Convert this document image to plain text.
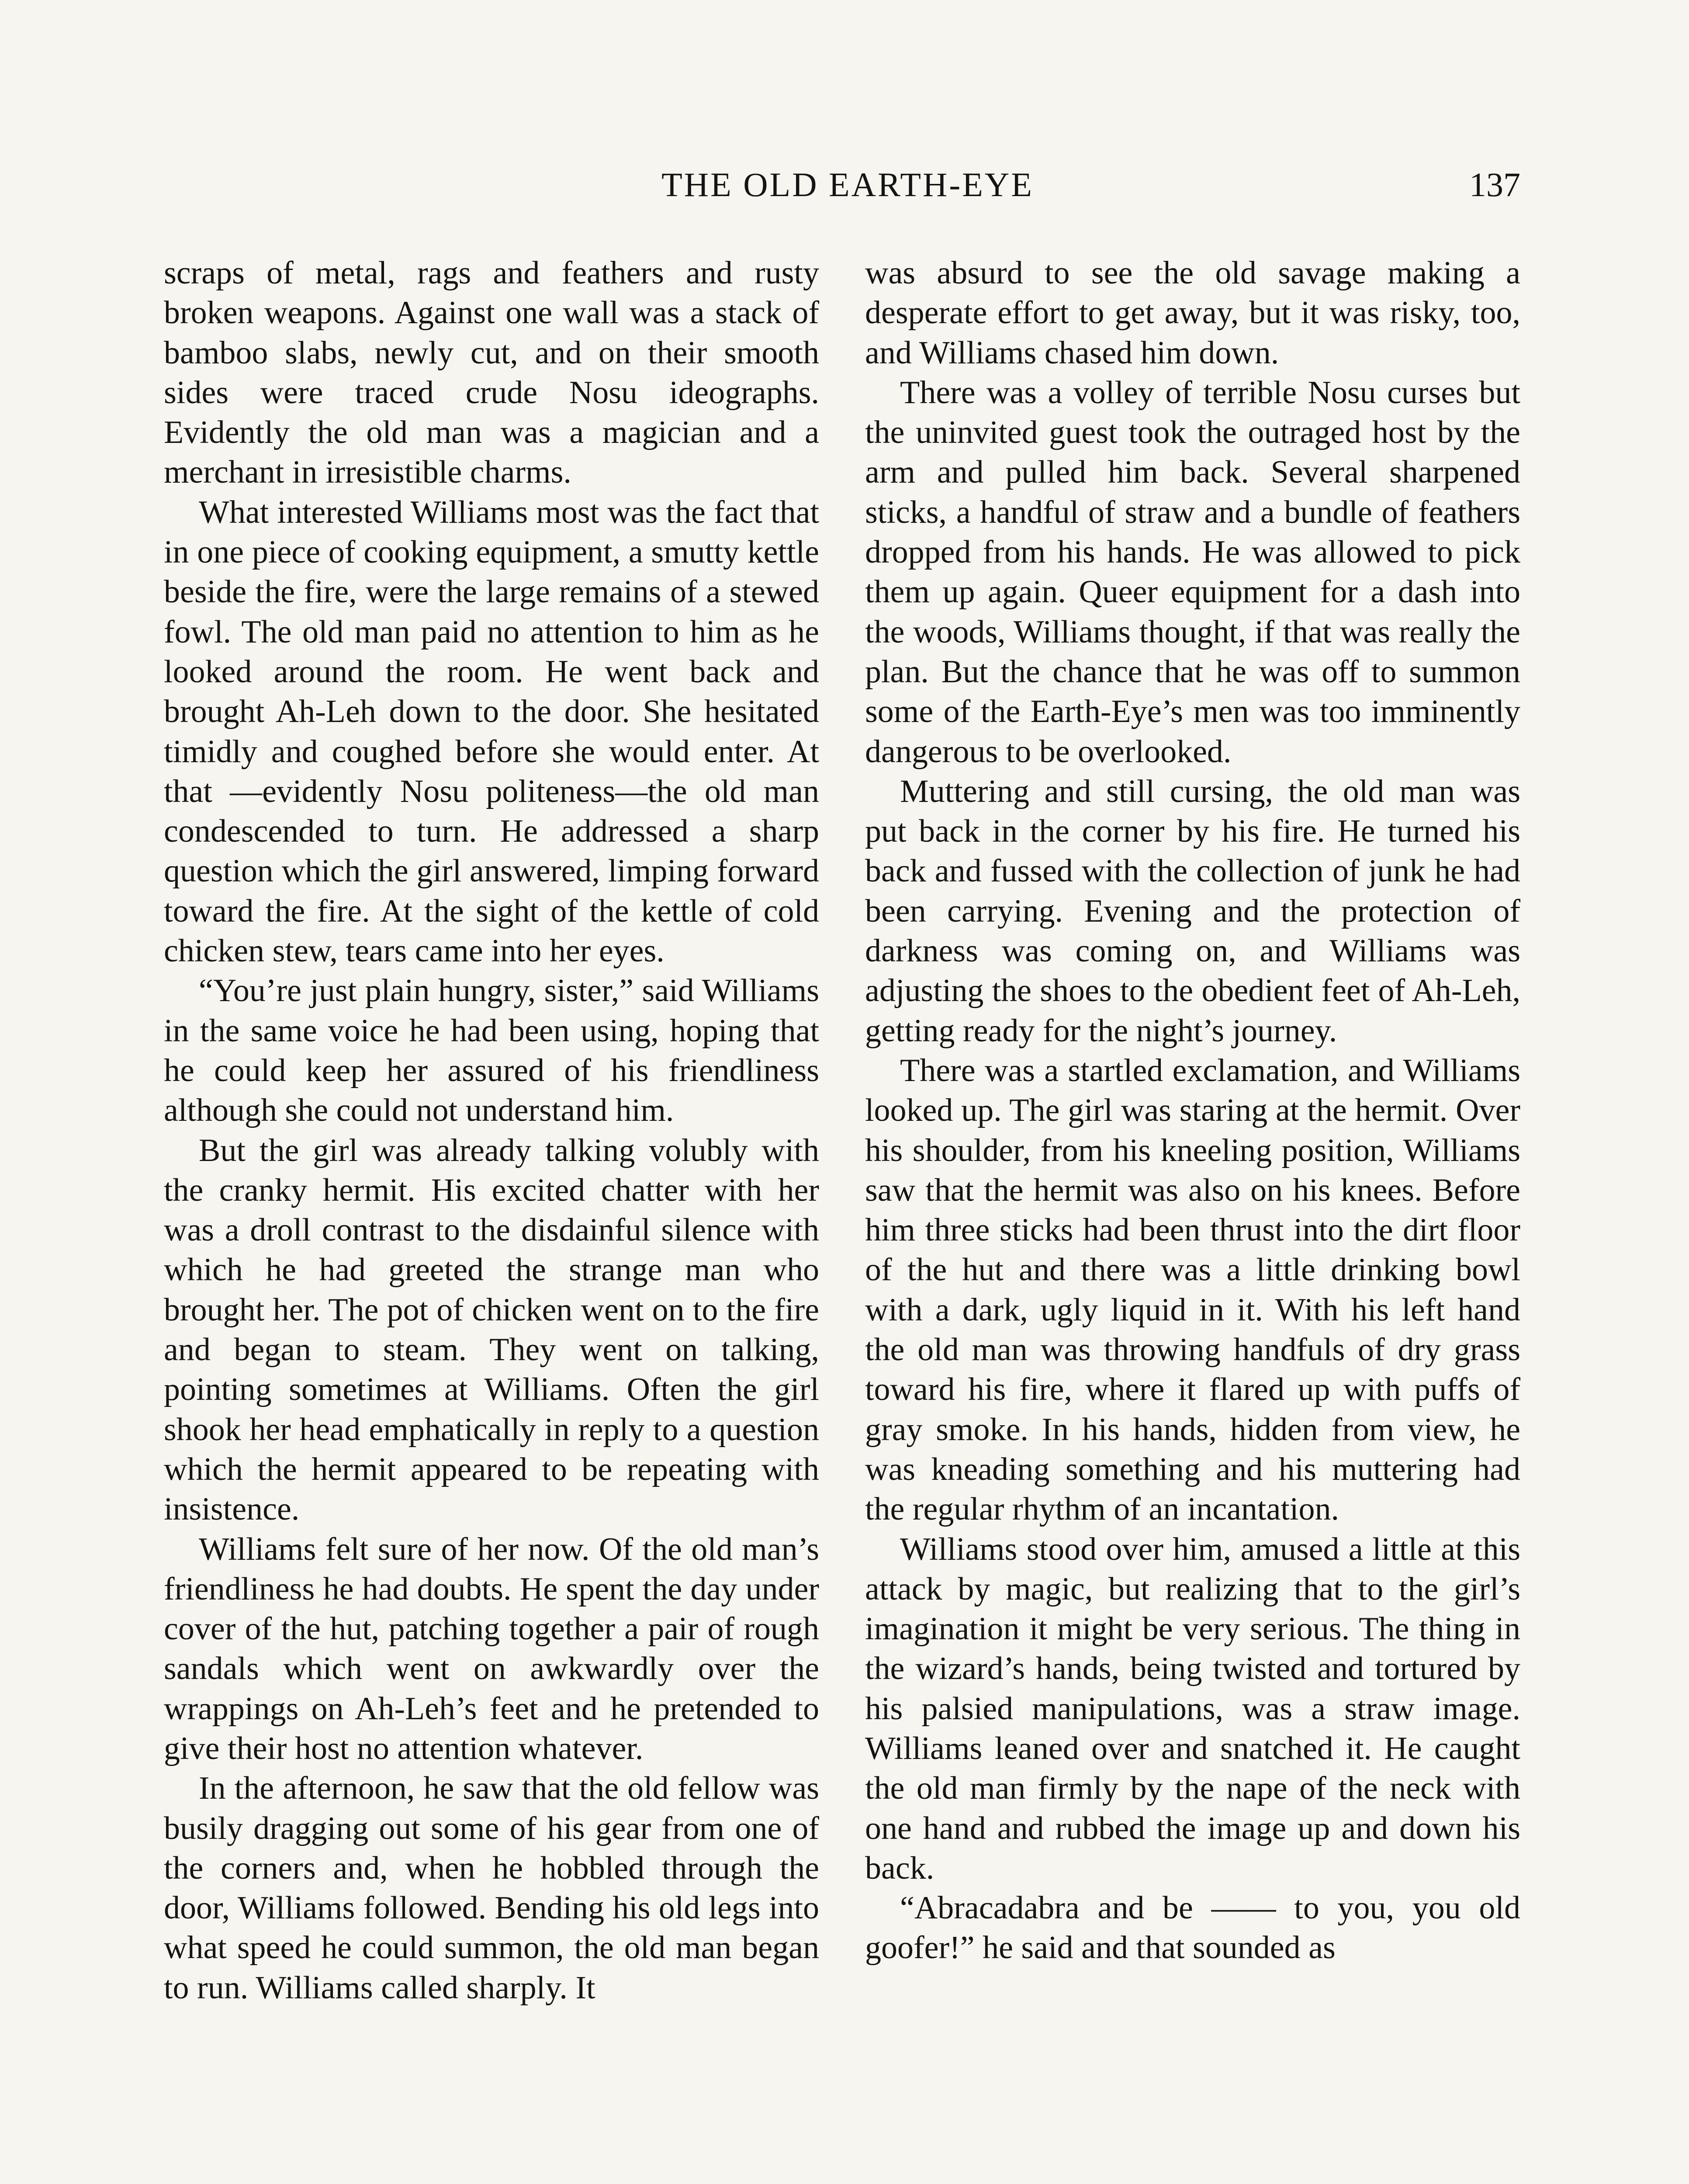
THE OLD EARTH-EYE	137

scraps of metal, rags and feathers and rusty broken weapons. Against one wall was a stack of bamboo slabs, newly cut, and on their smooth sides were traced crude Nosu ideographs. Evidently the old man was a magician and a merchant in irresistible charms.

What interested Williams most was the fact that in one piece of cooking equipment, a smutty kettle beside the fire, were the large remains of a stewed fowl. The old man paid no attention to him as he looked around the room. He went back and brought Ah-Leh down to the door. She hesitated timidly and coughed before she would enter. At that —evidently Nosu politeness—the old man condescended to turn. He addressed a sharp question which the girl answered, limping forward toward the fire. At the sight of the kettle of cold chicken stew, tears came into her eyes.

“You’re just plain hungry, sister,” said Williams in the same voice he had been using, hoping that he could keep her assured of his friendliness although she could not understand him.

But the girl was already talking volubly with the cranky hermit. His excited chatter with her was a droll contrast to the disdainful silence with which he had greeted the strange man who brought her. The pot of chicken went on to the fire and began to steam. They went on talking, pointing sometimes at Williams. Often the girl shook her head emphatically in reply to a question which the hermit appeared to be repeating with insistence.

Williams felt sure of her now. Of the old man’s friendliness he had doubts. He spent the day under cover of the hut, patching together a pair of rough sandals which went on awkwardly over the wrappings on Ah-Leh’s feet and he pretended to give their host no attention whatever.

In the afternoon, he saw that the old fellow was busily dragging out some of his gear from one of the corners and, when he hobbled through the door, Williams followed. Bending his old legs into what speed he could summon, the old man began to run. Williams called sharply. It

was absurd to see the old savage making a desperate effort to get away, but it was risky, too, and Williams chased him down.

There was a volley of terrible Nosu curses but the uninvited guest took the outraged host by the arm and pulled him back. Several sharpened sticks, a handful of straw and a bundle of feathers dropped from his hands. He was allowed to pick them up again. Queer equipment for a dash into the woods, Williams thought, if that was really the plan. But the chance that he was off to summon some of the Earth-Eye’s men was too imminently dangerous to be overlooked.

Muttering and still cursing, the old man was put back in the corner by his fire. He turned his back and fussed with the collection of junk he had been carrying. Evening and the protection of darkness was coming on, and Williams was adjusting the shoes to the obedient feet of Ah-Leh, getting ready for the night’s journey.

There was a startled exclamation, and Williams looked up. The girl was staring at the hermit. Over his shoulder, from his kneeling position, Williams saw that the hermit was also on his knees. Before him three sticks had been thrust into the dirt floor of the hut and there was a little drinking bowl with a dark, ugly liquid in it. With his left hand the old man was throwing handfuls of dry grass toward his fire, where it flared up with puffs of gray smoke. In his hands, hidden from view, he was kneading something and his muttering had the regular rhythm of an incantation.

Williams stood over him, amused a little at this attack by magic, but realizing that to the girl’s imagination it might be very serious. The thing in the wizard’s hands, being twisted and tortured by his palsied manipulations, was a straw image. Williams leaned over and snatched it. He caught the old man firmly by the nape of the neck with one hand and rubbed the image up and down his back.

“Abracadabra and be —— to you, you old goofer!” he said and that sounded as
